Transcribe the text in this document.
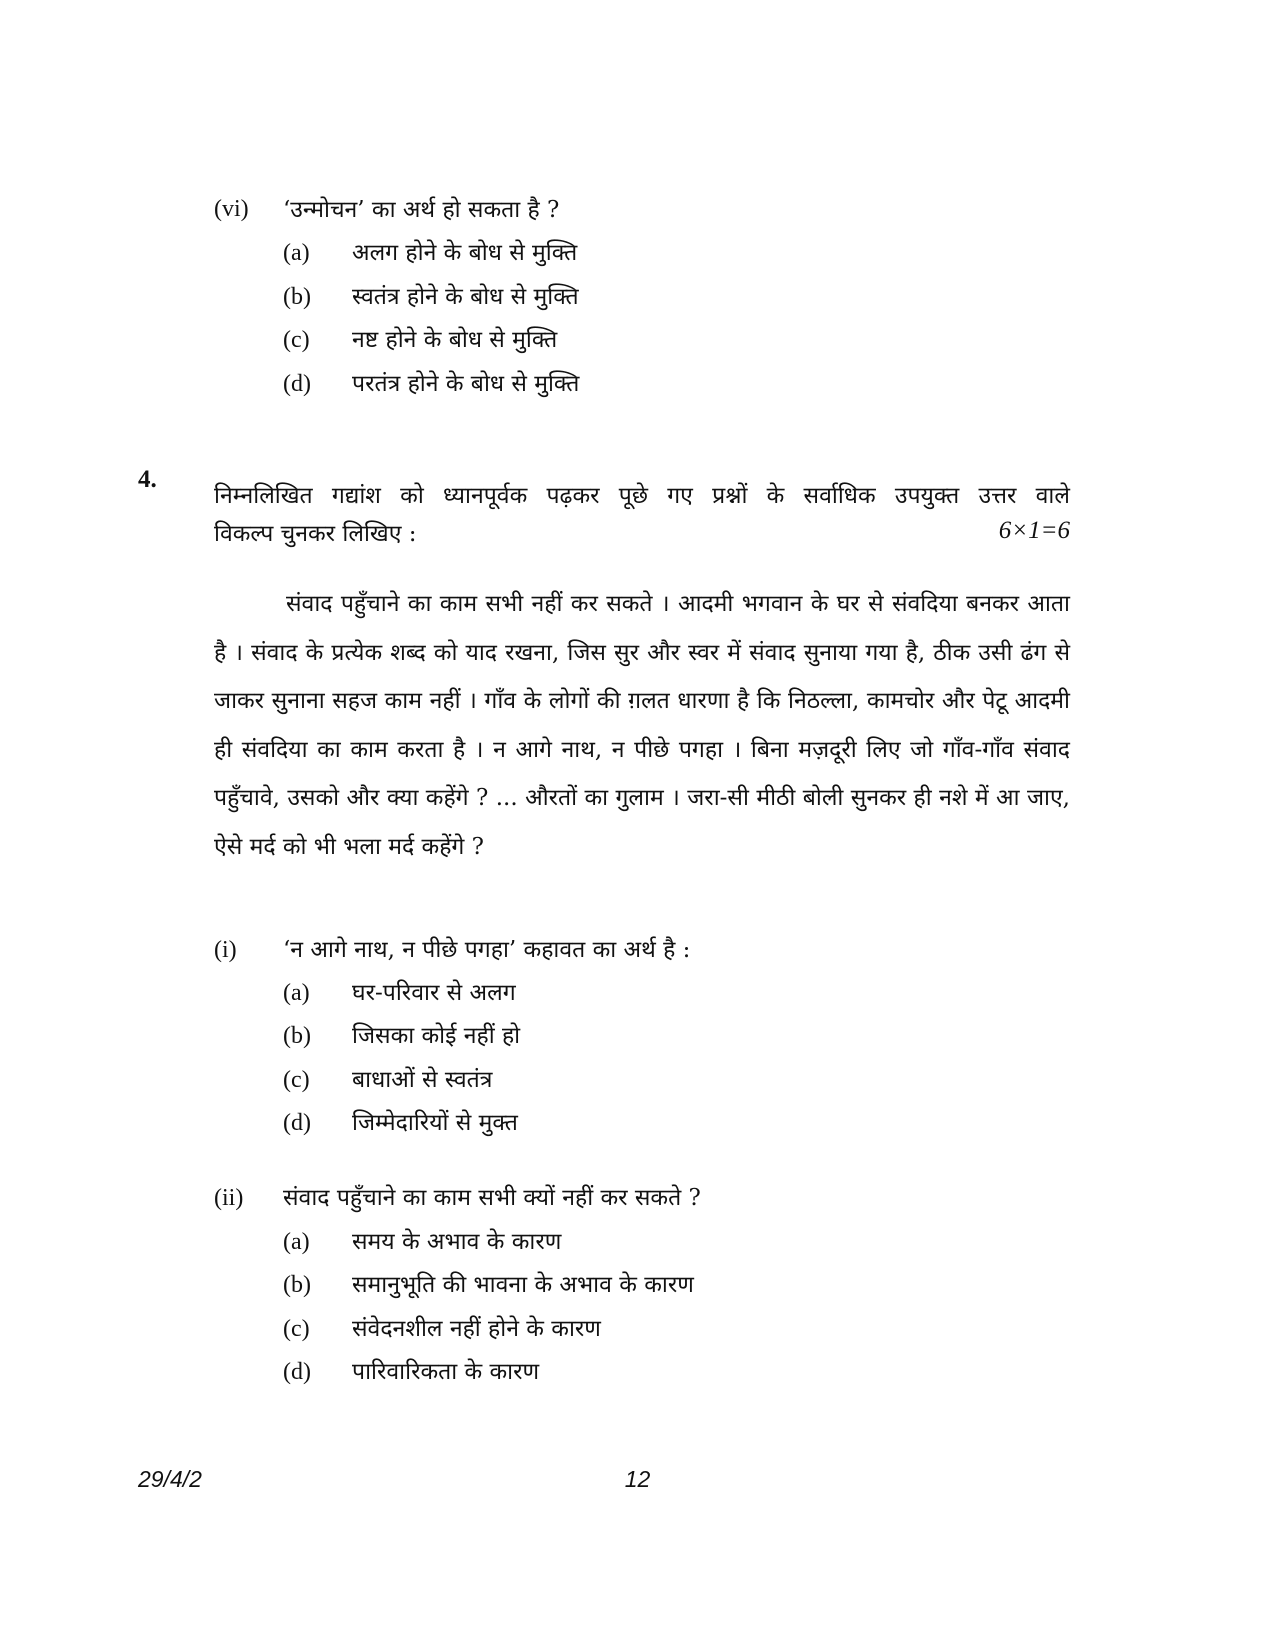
(vi) ‘उन्मोचन’ का अर्थ हो सकता है ?
(a) अलग होने के बोध से मुक्ति
(b) स्वतंत्र होने के बोध से मुक्ति
(c) नष्ट होने के बोध से मुक्ति
(d) परतंत्र होने के बोध से मुक्ति
4.
निम्नलिखित गद्यांश को ध्यानपूर्वक पढ़कर पूछे गए प्रश्नों के सर्वाधिक उपयुक्त उत्तर वाले
विकल्प चुनकर लिखिए :	6×1=6

संवाद पहुँचाने का काम सभी नहीं कर सकते । आदमी भगवान के घर से संवदिया बनकर आता है । संवाद के प्रत्येक शब्द को याद रखना, जिस सुर और स्वर में संवाद सुनाया गया है, ठीक उसी ढंग से जाकर सुनाना सहज काम नहीं । गाँव के लोगों की ग़लत धारणा है कि निठल्ला, कामचोर और पेटू आदमी ही संवदिया का काम करता है । न आगे नाथ, न पीछे पगहा । बिना मज़दूरी लिए जो गाँव-गाँव संवाद पहुँचावे, उसको और क्या कहेंगे ? ... औरतों का गुलाम । जरा-सी मीठी बोली सुनकर ही नशे में आ जाए, ऐसे मर्द को भी भला मर्द कहेंगे ?

(i) ‘न आगे नाथ, न पीछे पगहा’ कहावत का अर्थ है :
(a) घर-परिवार से अलग
(b) जिसका कोई नहीं हो
(c) बाधाओं से स्वतंत्र
(d) जिम्मेदारियों से मुक्त
(ii) संवाद पहुँचाने का काम सभी क्यों नहीं कर सकते ?
(a) समय के अभाव के कारण
(b) समानुभूति की भावना के अभाव के कारण
(c) संवेदनशील नहीं होने के कारण
(d) पारिवारिकता के कारण
29/4/2	12
